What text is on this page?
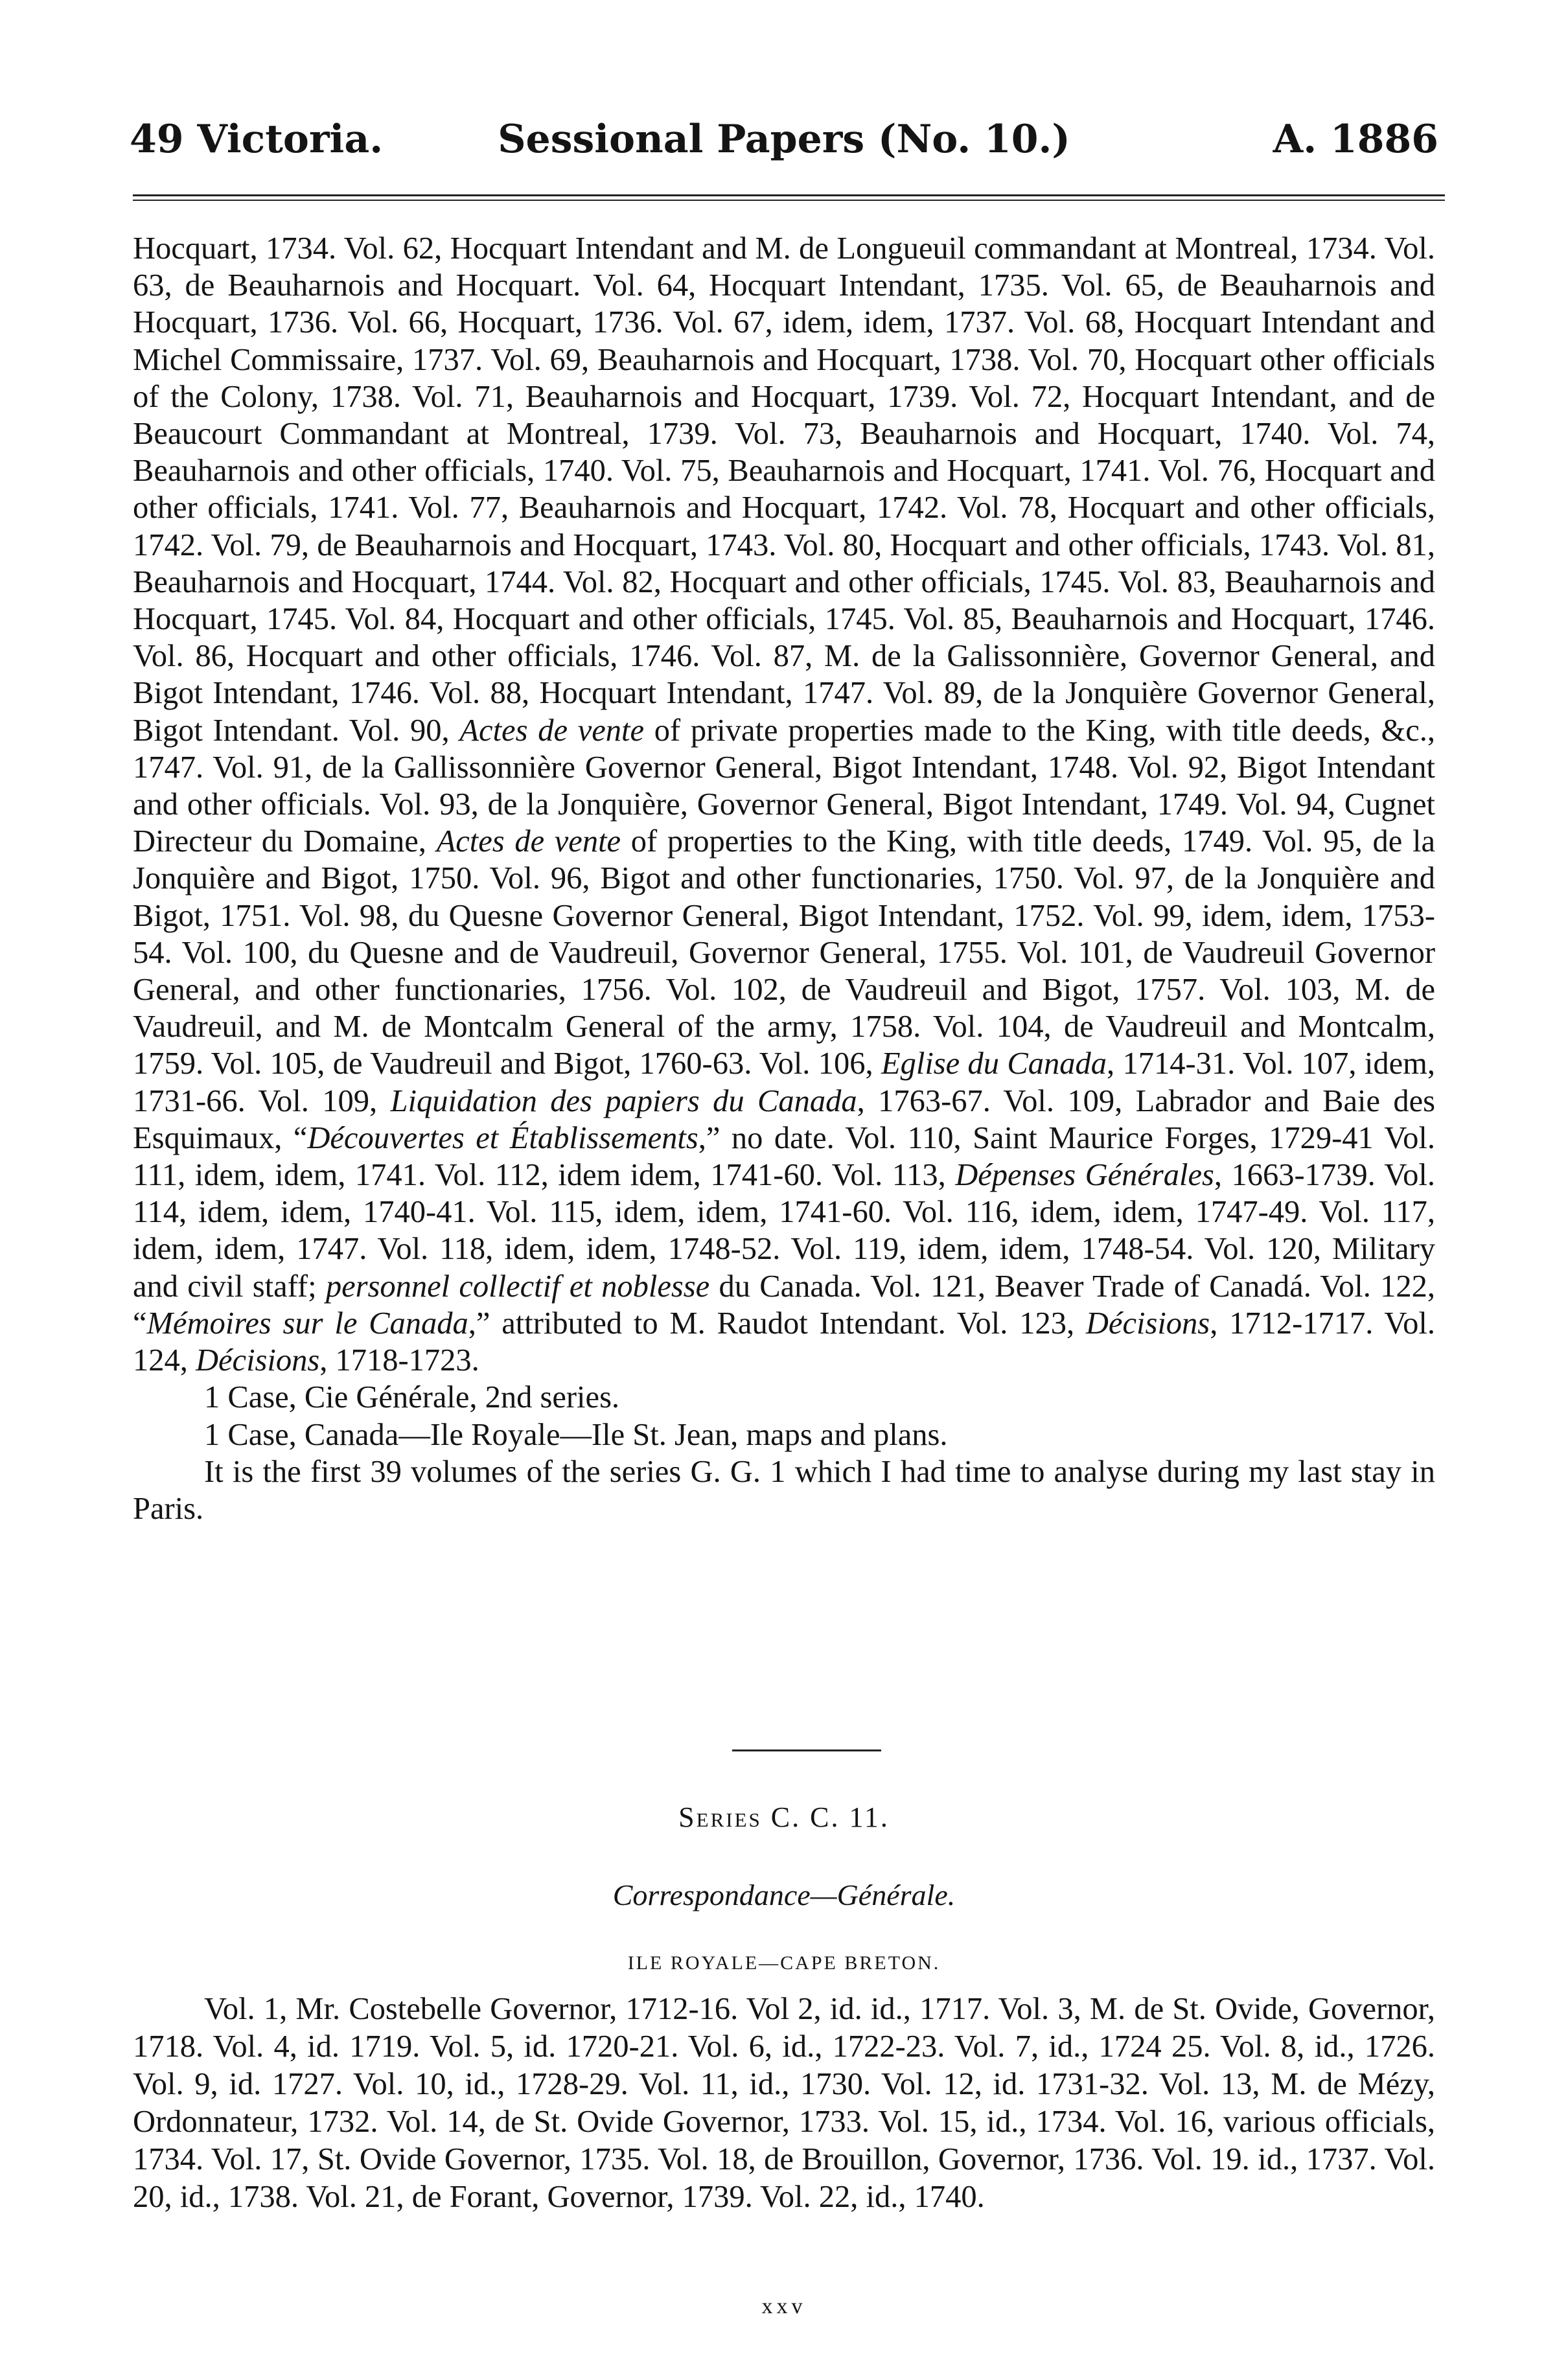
Sessional Papers (No. 10.)
49 Victoria.	A. 1886

Hocquart, 1734. Vol. 62, Hocquart Intendant and M. de Longueuil commandant at Montreal, 1734. Vol. 63, de Beauharnois and Hocquart. Vol. 64, Hocquart Intendant, 1735. Vol. 65, de Beauharnois and Hocquart, 1736. Vol. 66, Hocquart, 1736. Vol. 67, idem, idem, 1737. Vol. 68, Hocquart Intendant and Michel Commissaire, 1737. Vol. 69, Beauharnois and Hocquart, 1738. Vol. 70, Hocquart other officials of the Colony, 1738. Vol. 71, Beauharnois and Hocquart, 1739. Vol. 72, Hocquart Intendant, and de Beaucourt Commandant at Montreal, 1739. Vol. 73, Beauharnois and Hocquart, 1740. Vol. 74, Beauharnois and other officials, 1740. Vol. 75, Beauharnois and Hocquart, 1741. Vol. 76, Hocquart and other officials, 1741. Vol. 77, Beauharnois and Hocquart, 1742. Vol. 78, Hocquart and other officials, 1742. Vol. 79, de Beauharnois and Hocquart, 1743. Vol. 80, Hocquart and other officials, 1743. Vol. 81, Beauharnois and Hocquart, 1744. Vol. 82, Hocquart and other officials, 1745. Vol. 83, Beauharnois and Hocquart, 1745. Vol. 84, Hocquart and other officials, 1745. Vol. 85, Beauharnois and Hocquart, 1746. Vol. 86, Hocquart and other officials, 1746. Vol. 87, M. de la Galissonnière, Governor General, and Bigot Intendant, 1746. Vol. 88, Hocquart Intendant, 1747. Vol. 89, de la Jonquière Governor General, Bigot Intendant. Vol. 90, Actes de vente of private properties made to the King, with title deeds, &c., 1747. Vol. 91, de la Gallissonnière Governor General, Bigot Intendant, 1748. Vol. 92, Bigot Intendant and other officials. Vol. 93, de la Jonquière, Governor General, Bigot Intendant, 1749. Vol. 94, Cugnet Directeur du Domaine, Actes de vente of properties to the King, with title deeds, 1749. Vol. 95, de la Jonquière and Bigot, 1750. Vol. 96, Bigot and other functionaries, 1750. Vol. 97, de la Jonquière and Bigot, 1751. Vol. 98, du Quesne Governor General, Bigot Intendant, 1752. Vol. 99, idem, idem, 1753-54. Vol. 100, du Quesne and de Vaudreuil, Governor General, 1755. Vol. 101, de Vaudreuil Governor General, and other functionaries, 1756. Vol. 102, de Vaudreuil and Bigot, 1757. Vol. 103, M. de Vaudreuil, and M. de Montcalm General of the army, 1758. Vol. 104, de Vaudreuil and Montcalm, 1759. Vol. 105, de Vaudreuil and Bigot, 1760-63. Vol. 106, Eglise du Canada, 1714-31. Vol. 107, idem, 1731-66. Vol. 109, Liquidation des papiers du Canada, 1763-67. Vol. 109, Labrador and Baie des Esquimaux, “Découvertes et Établissements,” no date. Vol. 110, Saint Maurice Forges, 1729-41 Vol. 111, idem, idem, 1741. Vol. 112, idem idem, 1741-60. Vol. 113, Dépenses Générales, 1663-1739. Vol. 114, idem, idem, 1740-41. Vol. 115, idem, idem, 1741-60. Vol. 116, idem, idem, 1747-49. Vol. 117, idem, idem, 1747. Vol. 118, idem, idem, 1748-52. Vol. 119, idem, idem, 1748-54. Vol. 120, Military and civil staff; personnel collectif et noblesse du Canada. Vol. 121, Beaver Trade of Canadá. Vol. 122, “Mémoires sur le Canada,” attributed to M. Raudot Intendant. Vol. 123, Décisions, 1712-1717. Vol. 124, Décisions, 1718-1723.

1 Case, Cie Générale, 2nd series.

1 Case, Canada—Ile Royale—Ile St. Jean, maps and plans.

It is the first 39 volumes of the series G. G. 1 which I had time to analyse during my last stay in Paris.

Series C. C. 11.
Correspondance—Générale.
ILE ROYALE—CAPE BRETON.

Vol. 1, Mr. Costebelle Governor, 1712-16. Vol 2, id. id., 1717. Vol. 3, M. de St. Ovide, Governor, 1718. Vol. 4, id. 1719. Vol. 5, id. 1720-21. Vol. 6, id., 1722-23. Vol. 7, id., 1724 25. Vol. 8, id., 1726. Vol. 9, id. 1727. Vol. 10, id., 1728-29. Vol. 11, id., 1730. Vol. 12, id. 1731-32. Vol. 13, M. de Mézy, Ordonnateur, 1732. Vol. 14, de St. Ovide Governor, 1733. Vol. 15, id., 1734. Vol. 16, various officials, 1734. Vol. 17, St. Ovide Governor, 1735. Vol. 18, de Brouillon, Governor, 1736. Vol. 19. id., 1737. Vol. 20, id., 1738. Vol. 21, de Forant, Governor, 1739. Vol. 22, id., 1740.

xxv
